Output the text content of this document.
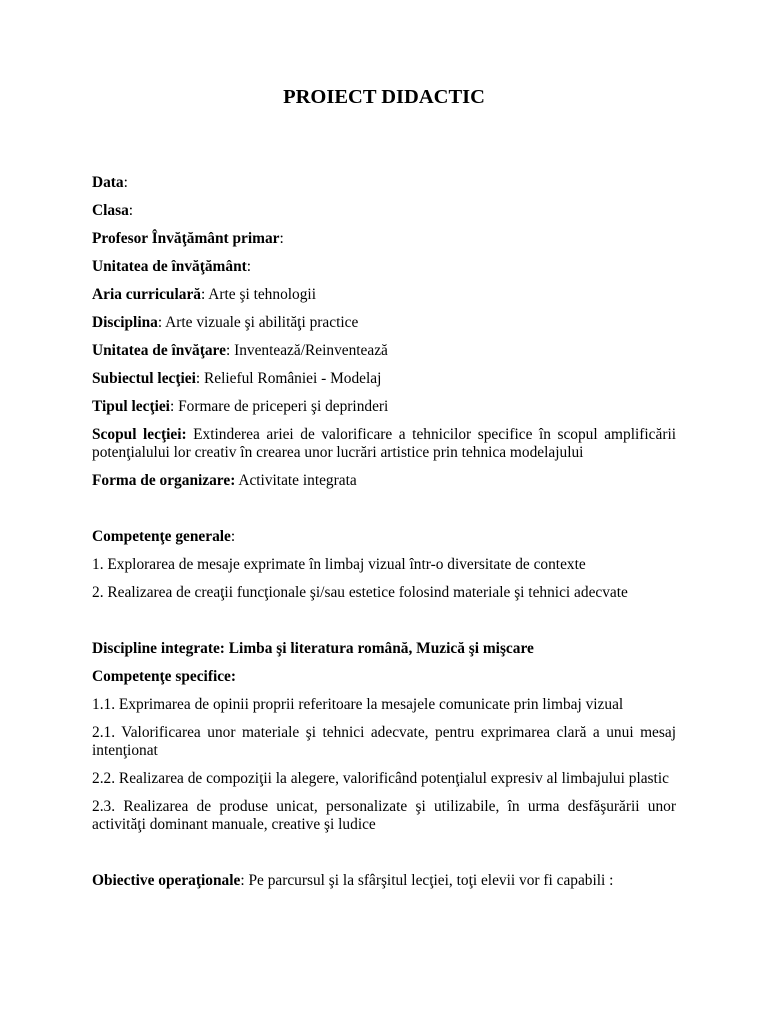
PROIECT DIDACTIC

Data:

Clasa:

Profesor Învăţământ primar:

Unitatea de învăţământ:

Aria curriculară: Arte şi tehnologii

Disciplina: Arte vizuale şi abilităţi practice

Unitatea de învăţare: Inventează/Reinventează

Subiectul lecţiei: Relieful României - Modelaj

Tipul lecţiei: Formare de priceperi şi deprinderi

Scopul lecţiei: Extinderea ariei de valorificare a tehnicilor specifice în scopul amplificării potenţialului lor creativ în crearea unor lucrări artistice prin tehnica modelajului

Forma de organizare: Activitate integrata

Competenţe generale:

1. Explorarea de mesaje exprimate în limbaj vizual într-o diversitate de contexte

2. Realizarea de creaţii funcţionale şi/sau estetice folosind materiale şi tehnici adecvate

Discipline integrate: Limba şi literatura română, Muzică şi mişcare

Competenţe specifice:

1.1. Exprimarea de opinii proprii referitoare la mesajele comunicate prin limbaj vizual

2.1. Valorificarea unor materiale şi tehnici adecvate, pentru exprimarea clară a unui mesaj intenţionat

2.2. Realizarea de compoziţii la alegere, valorificând potenţialul expresiv al limbajului plastic

2.3. Realizarea de produse unicat, personalizate şi utilizabile, în urma desfăşurării unor activităţi dominant manuale, creative şi ludice

Obiective operaţionale: Pe parcursul şi la sfârşitul lecţiei, toţi elevii vor fi capabili :
